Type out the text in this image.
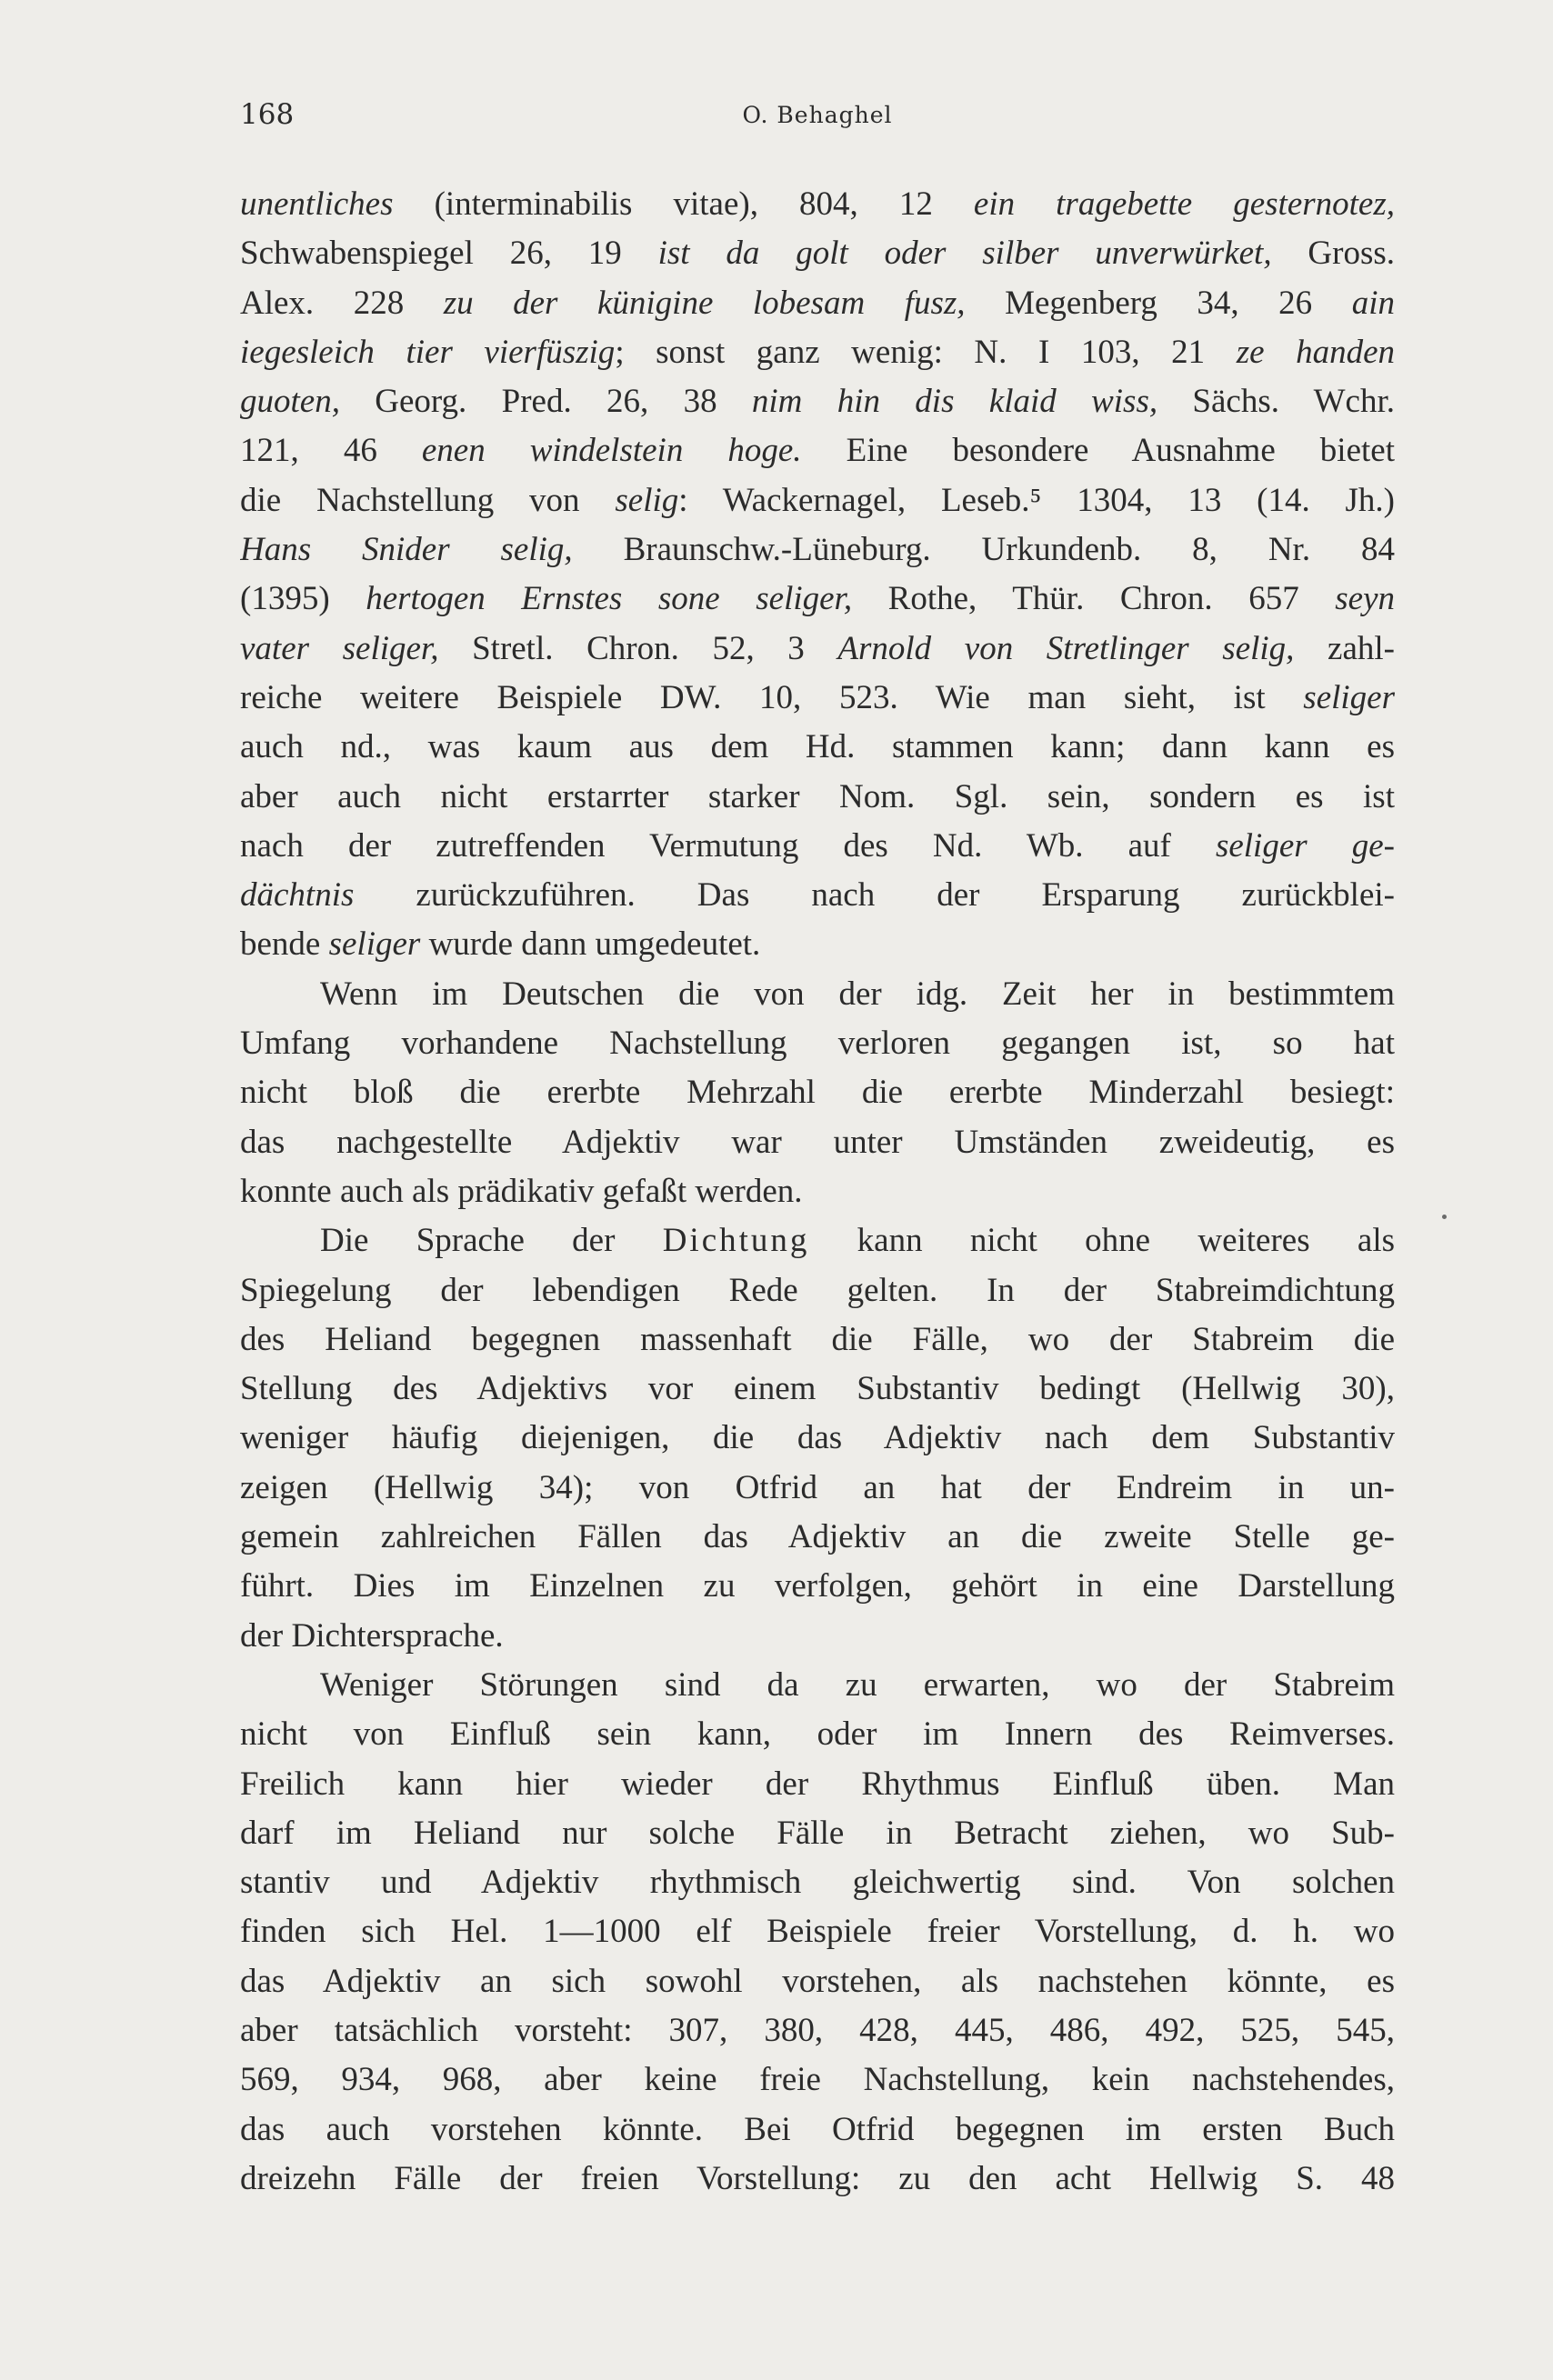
168	O. Behaghel
unentliches (interminabilis vitae), 804, 12 ein tragebette gesternotez,
Schwabenspiegel 26, 19 ist da golt oder silber unverwürket, Gross.
Alex. 228 zu der künigine lobesam fusz, Megenberg 34, 26 ain
iegesleich tier vierfüszig; sonst ganz wenig: N. I 103, 21 ze handen
guoten, Georg. Pred. 26, 38 nim hin dis klaid wiss, Sächs. Wchr.
121, 46 enen windelstein hoge. Eine besondere Ausnahme bietet
die Nachstellung von selig: Wackernagel, Leseb.⁵ 1304, 13 (14. Jh.)
Hans Snider selig, Braunschw.-Lüneburg. Urkundenb. 8, Nr. 84
(1395) hertogen Ernstes sone seliger, Rothe, Thür. Chron. 657 seyn
vater seliger, Stretl. Chron. 52, 3 Arnold von Stretlinger selig, zahl-
reiche weitere Beispiele DW. 10, 523. Wie man sieht, ist seliger
auch nd., was kaum aus dem Hd. stammen kann; dann kann es
aber auch nicht erstarrter starker Nom. Sgl. sein, sondern es ist
nach der zutreffenden Vermutung des Nd. Wb. auf seliger ge-
dächtnis zurückzuführen. Das nach der Ersparung zurückblei-
bende seliger wurde dann umgedeutet.
Wenn im Deutschen die von der idg. Zeit her in bestimmtem
Umfang vorhandene Nachstellung verloren gegangen ist, so hat
nicht bloß die ererbte Mehrzahl die ererbte Minderzahl besiegt:
das nachgestellte Adjektiv war unter Umständen zweideutig, es
konnte auch als prädikativ gefaßt werden.
Die Sprache der Dichtung kann nicht ohne weiteres als
Spiegelung der lebendigen Rede gelten. In der Stabreimdichtung
des Heliand begegnen massenhaft die Fälle, wo der Stabreim die
Stellung des Adjektivs vor einem Substantiv bedingt (Hellwig 30),
weniger häufig diejenigen, die das Adjektiv nach dem Substantiv
zeigen (Hellwig 34); von Otfrid an hat der Endreim in un-
gemein zahlreichen Fällen das Adjektiv an die zweite Stelle ge-
führt. Dies im Einzelnen zu verfolgen, gehört in eine Darstellung
der Dichtersprache.
Weniger Störungen sind da zu erwarten, wo der Stabreim
nicht von Einfluß sein kann, oder im Innern des Reimverses.
Freilich kann hier wieder der Rhythmus Einfluß üben. Man
darf im Heliand nur solche Fälle in Betracht ziehen, wo Sub-
stantiv und Adjektiv rhythmisch gleichwertig sind. Von solchen
finden sich Hel. 1—1000 elf Beispiele freier Vorstellung, d. h. wo
das Adjektiv an sich sowohl vorstehen, als nachstehen könnte, es
aber tatsächlich vorsteht: 307, 380, 428, 445, 486, 492, 525, 545,
569, 934, 968, aber keine freie Nachstellung, kein nachstehendes,
das auch vorstehen könnte. Bei Otfrid begegnen im ersten Buch
dreizehn Fälle der freien Vorstellung: zu den acht Hellwig S. 48
